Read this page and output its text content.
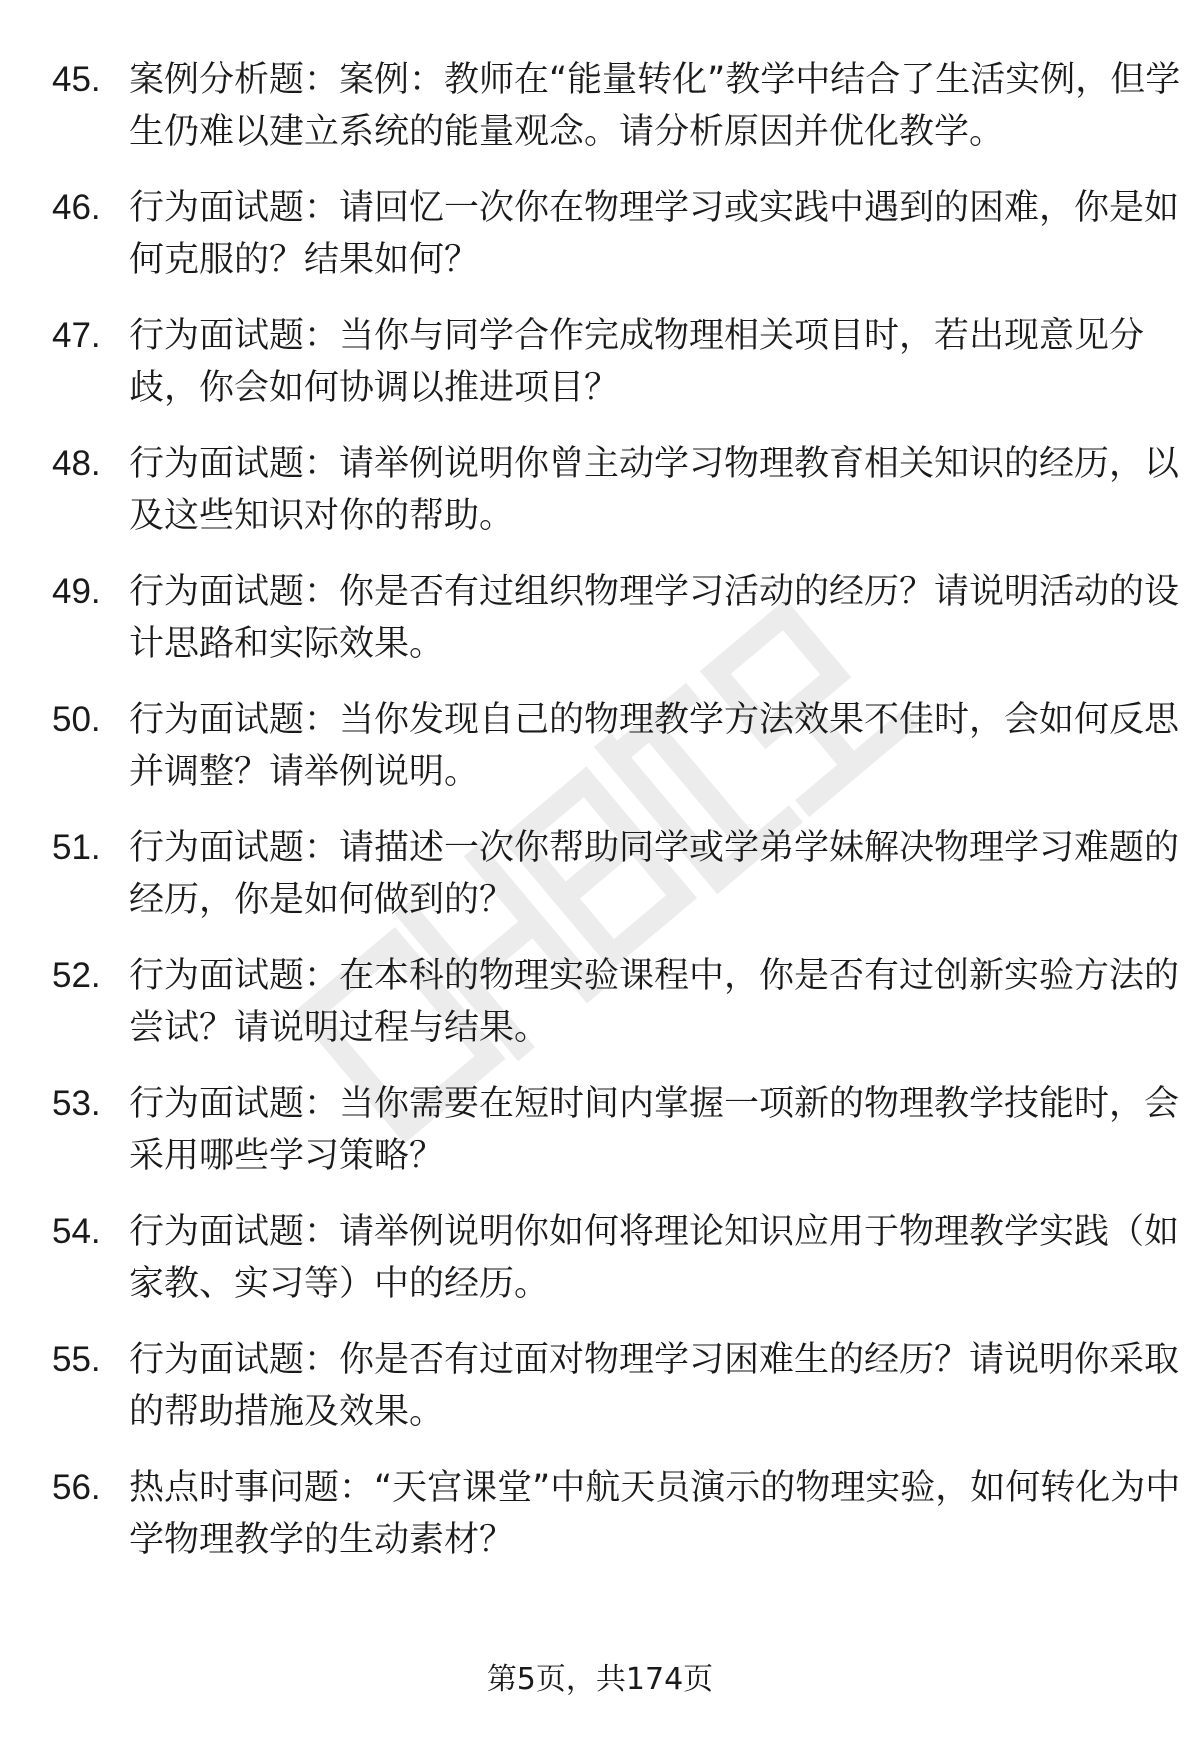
45. 案例分析题：案例：教师在“能量转化”教学中结合了生活实例，但学生仍难以建立系统的能量观念。请分析原因并优化教学。
46. 行为面试题：请回忆一次你在物理学习或实践中遇到的困难，你是如何克服的？结果如何？
47. 行为面试题：当你与同学合作完成物理相关项目时，若出现意见分歧，你会如何协调以推进项目？
48. 行为面试题：请举例说明你曾主动学习物理教育相关知识的经历，以及这些知识对你的帮助。
49. 行为面试题：你是否有过组织物理学习活动的经历？请说明活动的设计思路和实际效果。
50. 行为面试题：当你发现自己的物理教学方法效果不佳时，会如何反思并调整？请举例说明。
51. 行为面试题：请描述一次你帮助同学或学弟学妹解决物理学习难题的经历，你是如何做到的？
52. 行为面试题：在本科的物理实验课程中，你是否有过创新实验方法的尝试？请说明过程与结果。
53. 行为面试题：当你需要在短时间内掌握一项新的物理教学技能时，会采用哪些学习策略？
54. 行为面试题：请举例说明你如何将理论知识应用于物理教学实践（如家教、实习等）中的经历。
55. 行为面试题：你是否有过面对物理学习困难生的经历？请说明你采取的帮助措施及效果。
56. 热点时事问题：“天宫课堂”中航天员演示的物理实验，如何转化为中学物理教学的生动素材？
第5页，共174页
